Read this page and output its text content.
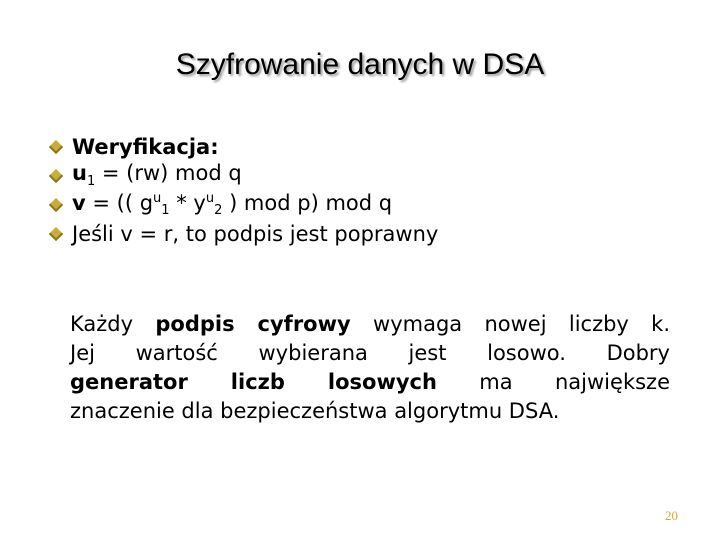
Szyfrowanie danych w DSA
Weryfikacja:
$u_1 = (rw)$ mod q
v = (( $g^u1 * y^u2$ ) mod p) mod q
Jeśli v = r, to podpis jest poprawny
Każdy podpis cyfrowy wymaga nowej liczby k.
Jej wartość wybierana jest losowo. Dobry
generator liczb losowych ma największe
znaczenie dla bezpieczeństwa algorytmu DSA.
20
